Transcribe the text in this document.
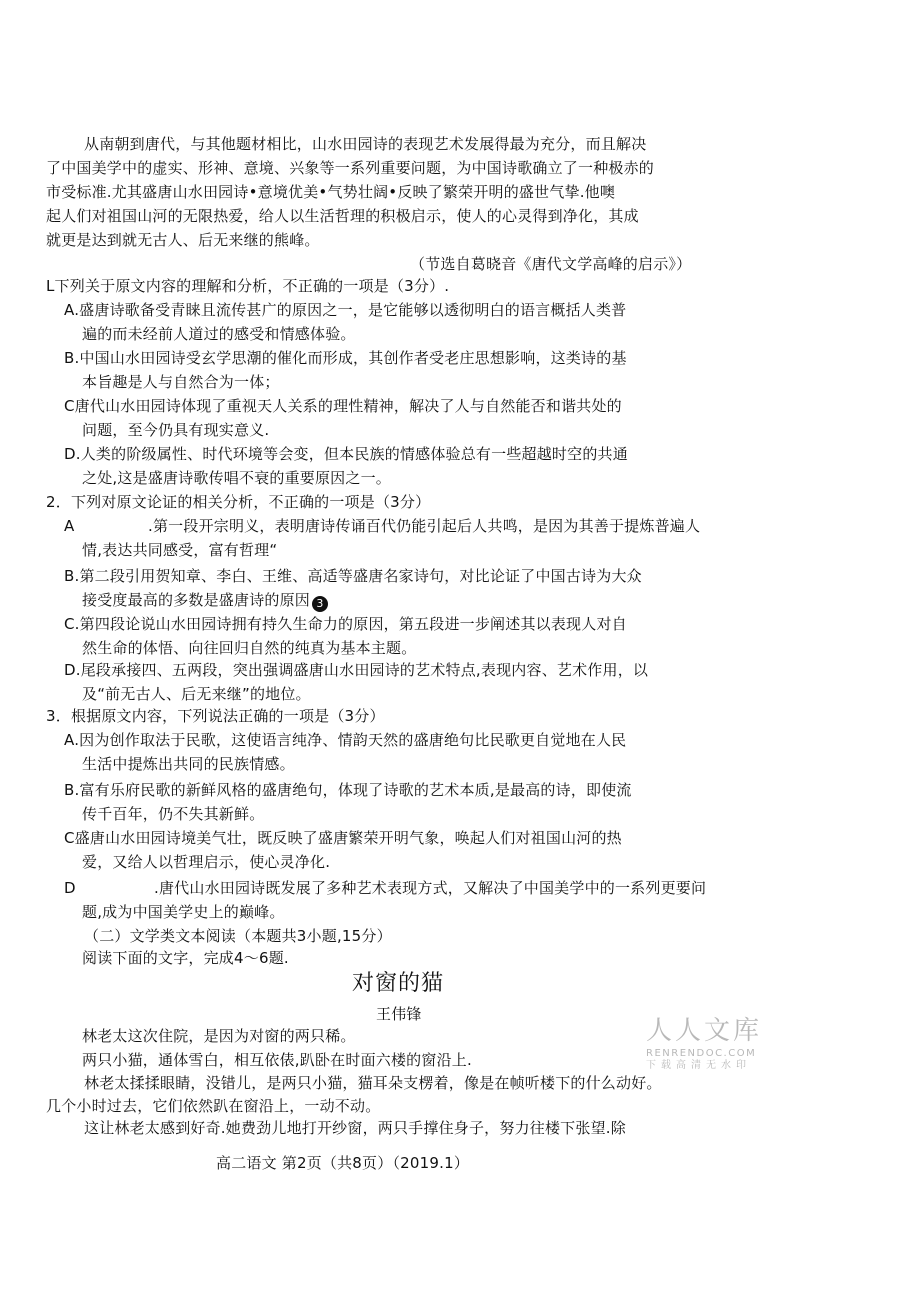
从南朝到唐代，与其他题材相比，山水田园诗的表现艺术发展得最为充分，而且解决
了中国美学中的虚实、形神、意境、兴象等一系列重要问题，为中国诗歌确立了一种极赤的
市受标准.尤其盛唐山水田园诗•意境优美•气势壮阔•反映了繁荣开明的盛世气挚.他噢
起人们对祖国山河的无限热爱，给人以生活哲理的积极启示，使人的心灵得到净化，其成
就更是达到就无古人、后无来继的熊峰。
（节选自葛晓音《唐代文学高峰的启示》）
L下列关于原文内容的理解和分析，不正确的一项是（3分）.
A.盛唐诗歌备受青睐且流传甚广的原因之一，是它能够以透彻明白的语言概括人类普
遍的而未经前人道过的感受和情感体验。
B.中国山水田园诗受玄学思潮的催化而形成，其创作者受老庄思想影响，这类诗的基
本旨趣是人与自然合为一体；
C唐代山水田园诗体现了重视天人关系的理性精神，解决了人与自然能否和谐共处的
问题，至今仍具有现实意义.
D.人类的阶级属性、时代环境等会变，但本民族的情感体验总有一些超越时空的共通
之处,这是盛唐诗歌传唱不衰的重要原因之一。
2．下列对原文论证的相关分析，不正确的一项是（3分）
A	.第一段开宗明义，表明唐诗传诵百代仍能引起后人共鸣，是因为其善于提炼普遍人
情,表达共同感受，富有哲理“
B.第二段引用贺知章、李白、王维、高适等盛唐名家诗句，对比论证了中国古诗为大众
接受度最高的多数是盛唐诗的原因 3
C.第四段论说山水田园诗拥有持久生命力的原因，第五段进一步阐述其以表现人对自
然生命的体悟、向往回归自然的纯真为基本主题。
D.尾段承接四、五两段，突出强调盛唐山水田园诗的艺术特点,表现内容、艺术作用，以
及“前无古人、后无来继”的地位。
3．根据原文内容，下列说法正确的一项是（3分）
A.因为创作取法于民歌，这使语言纯净、情韵天然的盛唐绝句比民歌更自觉地在人民
生活中提炼出共同的民族情感。
B.富有乐府民歌的新鲜风格的盛唐绝句，体现了诗歌的艺术本质,是最高的诗，即使流
传千百年，仍不失其新鲜。
C盛唐山水田园诗境美气壮，既反映了盛唐繁荣开明气象，唤起人们对祖国山河的热
爱，又给人以哲理启示，使心灵净化.
D	.唐代山水田园诗既发展了多种艺术表现方式，又解决了中国美学中的一系列更要问
题,成为中国美学史上的巅峰。
（二）文学类文本阅读（本题共3小题,15分）
阅读下面的文字，完成4〜6题.
对窗的猫
王伟锋
林老太这次住院，是因为对窗的两只稀。
两只小猫，通体雪白，相互依俵,趴卧在时面六楼的窗沿上.
林老太揉揉眼睛，没错儿，是两只小猫，猫耳朵支楞着，像是在帧听楼下的什么动好。
几个小时过去，它们依然趴在窗沿上，一动不动。
这让林老太感到好奇.她费劲儿地打开纱窗，两只手撑住身子，努力往楼下张望.除
高二语文 第2页（共8页）（2019.1）
人人文库
RENRENDOC.COM
下载高清无水印
